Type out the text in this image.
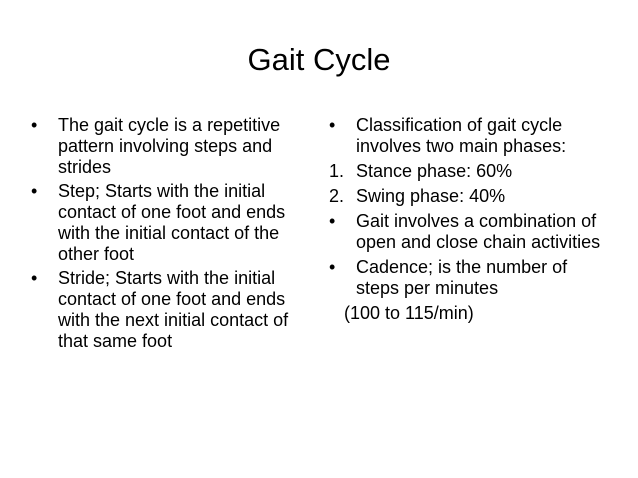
Gait Cycle
•	The gait cycle is a repetitive pattern involving steps and strides
•	Step; Starts with the initial contact of one foot and ends with the initial contact of the other foot
•	Stride; Starts with the initial contact of one foot and ends with the next initial contact of that same foot
•	Classification of gait cycle involves two main phases:
1. Stance phase: 60%
2. Swing phase: 40%
•	Gait involves a combination of open and close chain activities
•	Cadence; is the number of steps per minutes
(100 to 115/min)
